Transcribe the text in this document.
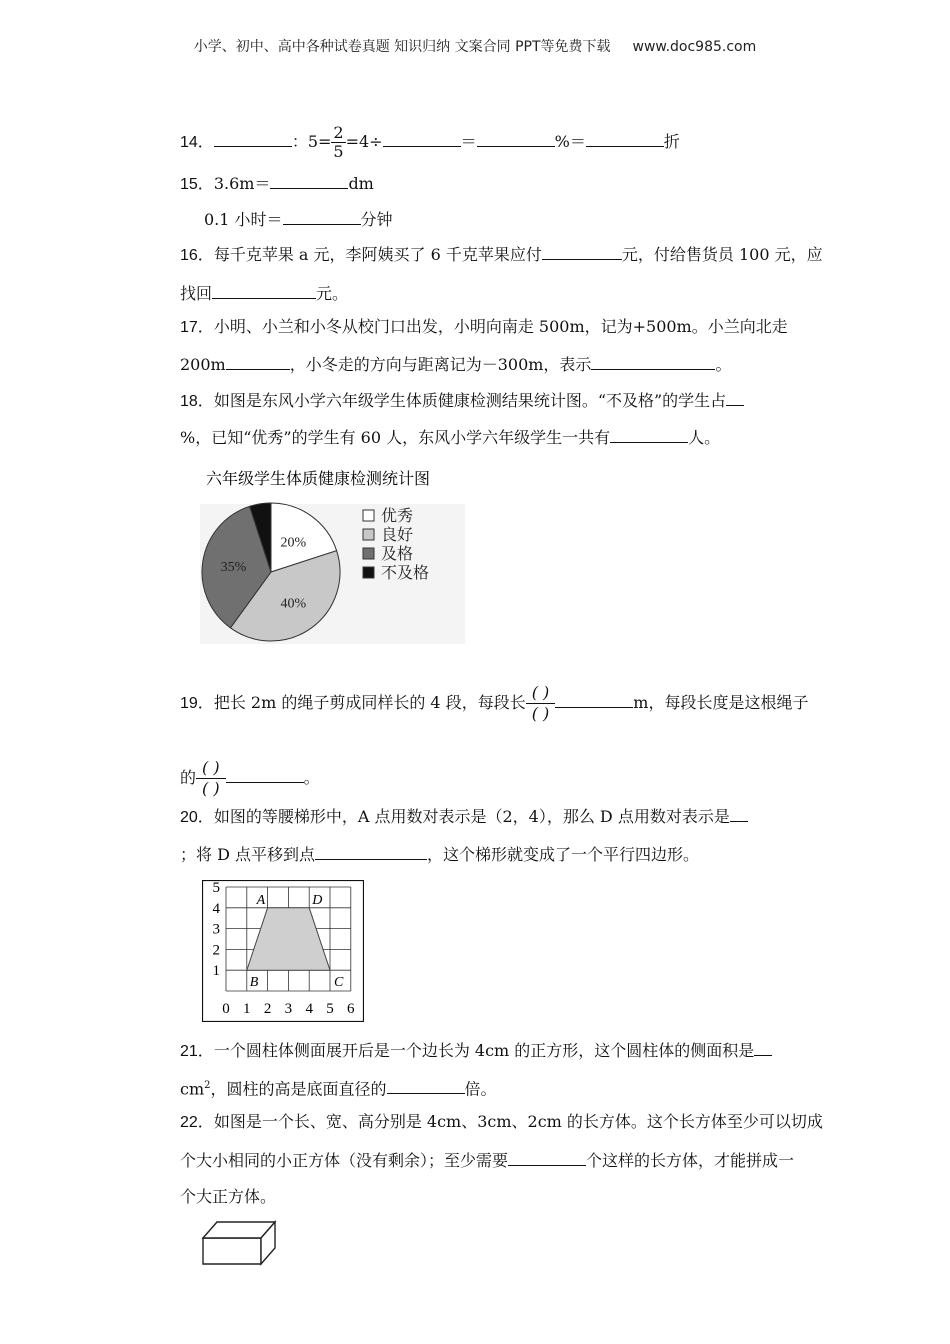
小学、初中、高中各种试卷真题 知识归纳 文案合同 PPT等免费下载 www.doc985.com
14．	：$5= \frac{2}{5} =4\div$	＝	%＝	折
15．3.6m＝	dm
0.1 小时＝	分钟
16．每千克苹果 a 元，李阿姨买了 6 千克苹果应付	元，付给售货员 100 元，应
找回	元。
17．小明、小兰和小冬从校门口出发，小明向南走 500m，记为+500m。小兰向北走
200m	，小冬走的方向与距离记为－300m，表示	。
18．如图是东风小学六年级学生体质健康检测结果统计图。“不及格”的学生占
%，已知“优秀”的学生有 60 人，东风小学六年级学生一共有	人。
六年级学生体质健康检测统计图
20%
40%
35%
优秀
良好
及格
不及格
19．把长 2m 的绳子剪成同样长的 4 段，每段长
( )
( )
m，每段长度是这根绳子
的
( )
( )
。
20．如图的等腰梯形中，A 点用数对表示是（2，4），那么 D 点用数对表示是
；将 D 点平移到点	，这个梯形就变成了一个平行四边形。
0 1 2 3 4 5 6
1
2
3
4
5
A	D
B	C
21．一个圆柱体侧面展开后是一个边长为 4cm 的正方形，这个圆柱体的侧面积是
$cm^2$，圆柱的高是底面直径的	倍。
22．如图是一个长、宽、高分别是 4cm、3cm、2cm 的长方体。这个长方体至少可以切成
个大小相同的小正方体（没有剩余）；至少需要	个这样的长方体，才能拼成一
个大正方体。
